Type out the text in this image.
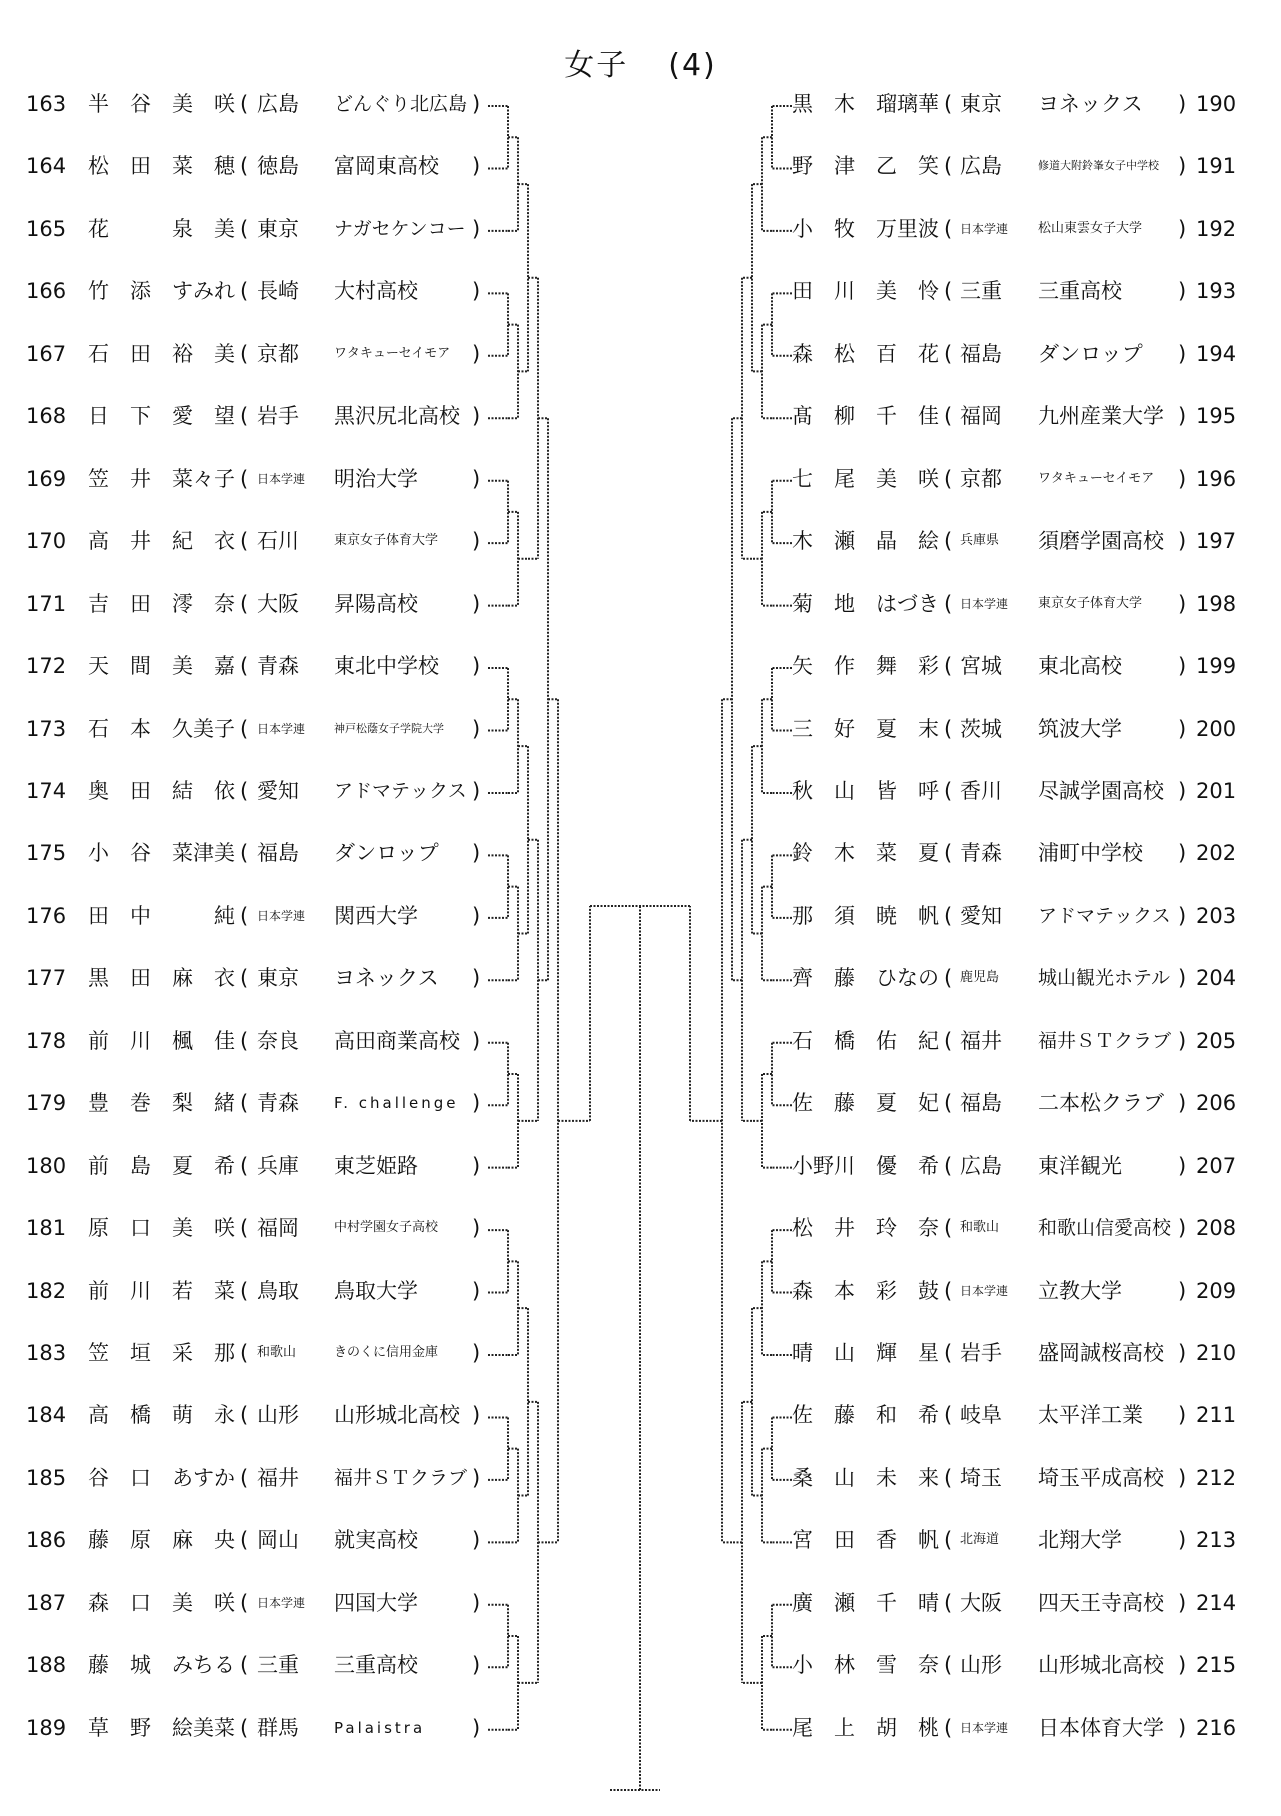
女子 (4)
163 半 谷 美 咲 ( 広島 どんぐり北広島 )
164 松 田 菜 穂 ( 徳島 富岡東高校 )
165 花	泉 美 ( 東京 ナガセケンコー )
166 竹 添 すみれ ( 長崎 大村高校	)
167 石 田 裕 美 ( 京都	ワタキューセイモア )
168 日 下 愛 望 ( 岩手 黒沢尻北高校 )
169 笠 井 菜々子 ( 日本学連 明治大学	)
170 高 井 紀 衣 ( 石川	東京女子体育大学 )
171 吉 田 澪 奈 ( 大阪 昇陽高校	)
172 天 間 美 嘉 ( 青森 東北中学校 )
173 石 本 久美子 ( 日本学連	神戸松蔭女子学院大学 )
174 奥 田 結 依 ( 愛知 アドマテックス )
175 小 谷 菜津美 ( 福島 ダンロップ )
176 田 中	純 ( 日本学連 関西大学	)
177 黒 田 麻 衣 ( 東京 ヨネックス )
178 前 川 楓 佳 ( 奈良 高田商業高校 )
179 豊 巻 梨 緒 ( 青森 F. challenge )
180 前 島 夏 希 ( 兵庫 東芝姫路	)
181 原 口 美 咲 ( 福岡	中村学園女子高校 )
182 前 川 若 菜 ( 鳥取 鳥取大学	)
183 笠 垣 采 那 ( 和歌山	きのくに信用金庫 )
184 高 橋 萌 永 ( 山形 山形城北高校 )
185 谷 口 あすか ( 福井 福井ＳＴクラブ )
186 藤 原 麻 央 ( 岡山 就実高校	)
187 森 口 美 咲 ( 日本学連 四国大学	)
188 藤 城 みちる ( 三重 三重高校	)
189 草 野 絵美菜 ( 群馬 Palaistra )
黒 木 瑠璃華 ( 東京 ヨネックス ) 190
野 津 乙 笑 ( 広島	修道大附鈴峯女子中学校 ) 191
小 牧 万里波 ( 日本学連 松山東雲女子大学 ) 192
田 川 美 怜 ( 三重 三重高校	) 193
森 松 百 花 ( 福島 ダンロップ ) 194
髙 柳 千 佳 ( 福岡 九州産業大学 ) 195
七 尾 美 咲 ( 京都	ワタキューセイモア ) 196
木 瀬 晶 絵 ( 兵庫県 須磨学園高校 ) 197
菊 地 はづき ( 日本学連 東京女子体育大学 ) 198
矢 作 舞 彩 ( 宮城 東北高校	) 199
三 好 夏 末 ( 茨城 筑波大学	) 200
秋 山 皆 呼 ( 香川 尽誠学園高校 ) 201
鈴 木 菜 夏 ( 青森 浦町中学校 ) 202
那 須 暁 帆 ( 愛知 アドマテックス ) 203
齊 藤 ひなの ( 鹿児島 城山観光ホテル ) 204
石 橋 佑 紀 ( 福井 福井ＳＴクラブ ) 205
佐 藤 夏 妃 ( 福島 二本松クラブ ) 206
小野川 優 希 ( 広島 東洋観光	) 207
松 井 玲 奈 ( 和歌山 和歌山信愛高校 ) 208
森 本 彩 鼓 ( 日本学連 立教大学	) 209
晴 山 輝 星 ( 岩手 盛岡誠桜高校 ) 210
佐 藤 和 希 ( 岐阜 太平洋工業 ) 211
桑 山 未 来 ( 埼玉 埼玉平成高校 ) 212
宮 田 香 帆 ( 北海道 北翔大学	) 213
廣 瀬 千 晴 ( 大阪 四天王寺高校 ) 214
小 林 雪 奈 ( 山形 山形城北高校 ) 215
尾 上 胡 桃 ( 日本学連 日本体育大学 ) 216
